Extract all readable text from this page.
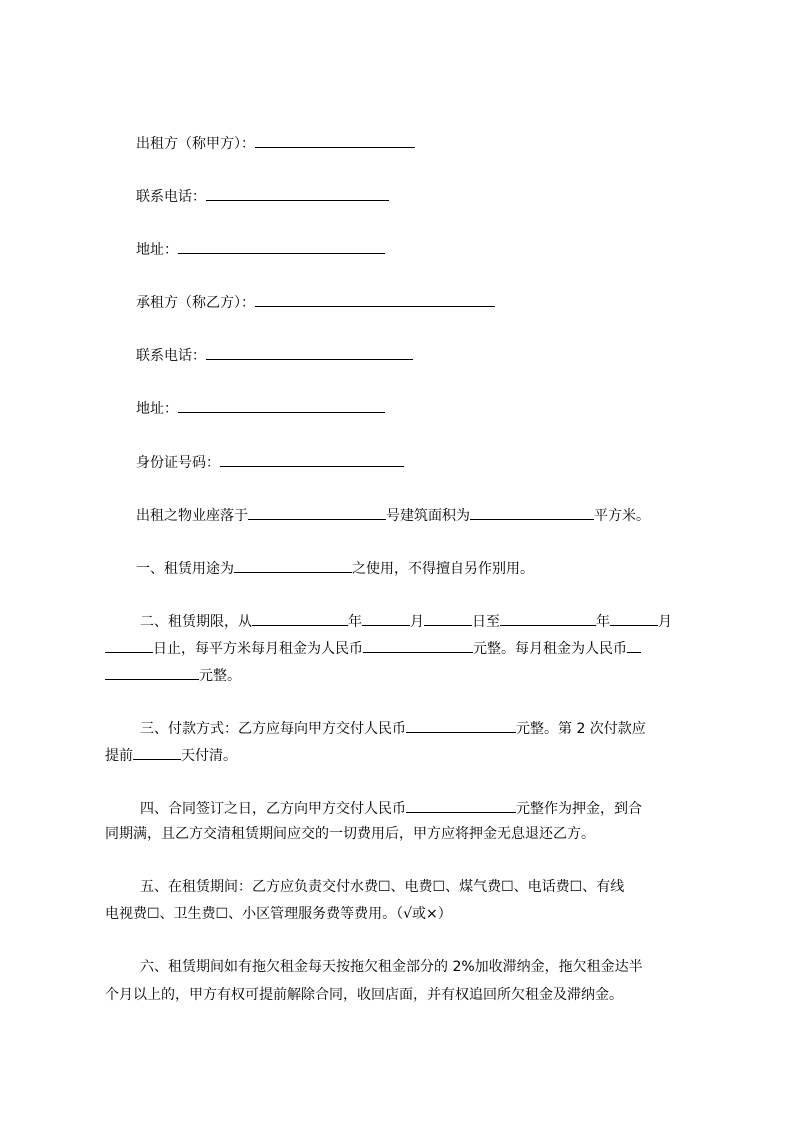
出租方（称甲方）：
联系电话：
地址：
承租方（称乙方）：
联系电话：
地址：
身份证号码：
出租之物业座落于	号建筑面积为	平方米。
一、租赁用途为	之使用，不得擅自另作别用。
二、租赁期限，从	年	月	日至	年	月
日止，每平方米每月租金为人民币	元整。每月租金为人民币
元整。
三、付款方式：乙方应每向甲方交付人民币	元整。第 2 次付款应
提前	天付清。
四、合同签订之日，乙方向甲方交付人民币	元整作为押金，到合
同期满，且乙方交清租赁期间应交的一切费用后，甲方应将押金无息退还乙方。
五、在租赁期间：乙方应负责交付水费☐、电费☐、煤气费☐、电话费☐、有线
电视费☐、卫生费☐、小区管理服务费等费用。（√或×）
六、租赁期间如有拖欠租金每天按拖欠租金部分的 2%加收滞纳金，拖欠租金达半
个月以上的，甲方有权可提前解除合同，收回店面，并有权追回所欠租金及滞纳金。
